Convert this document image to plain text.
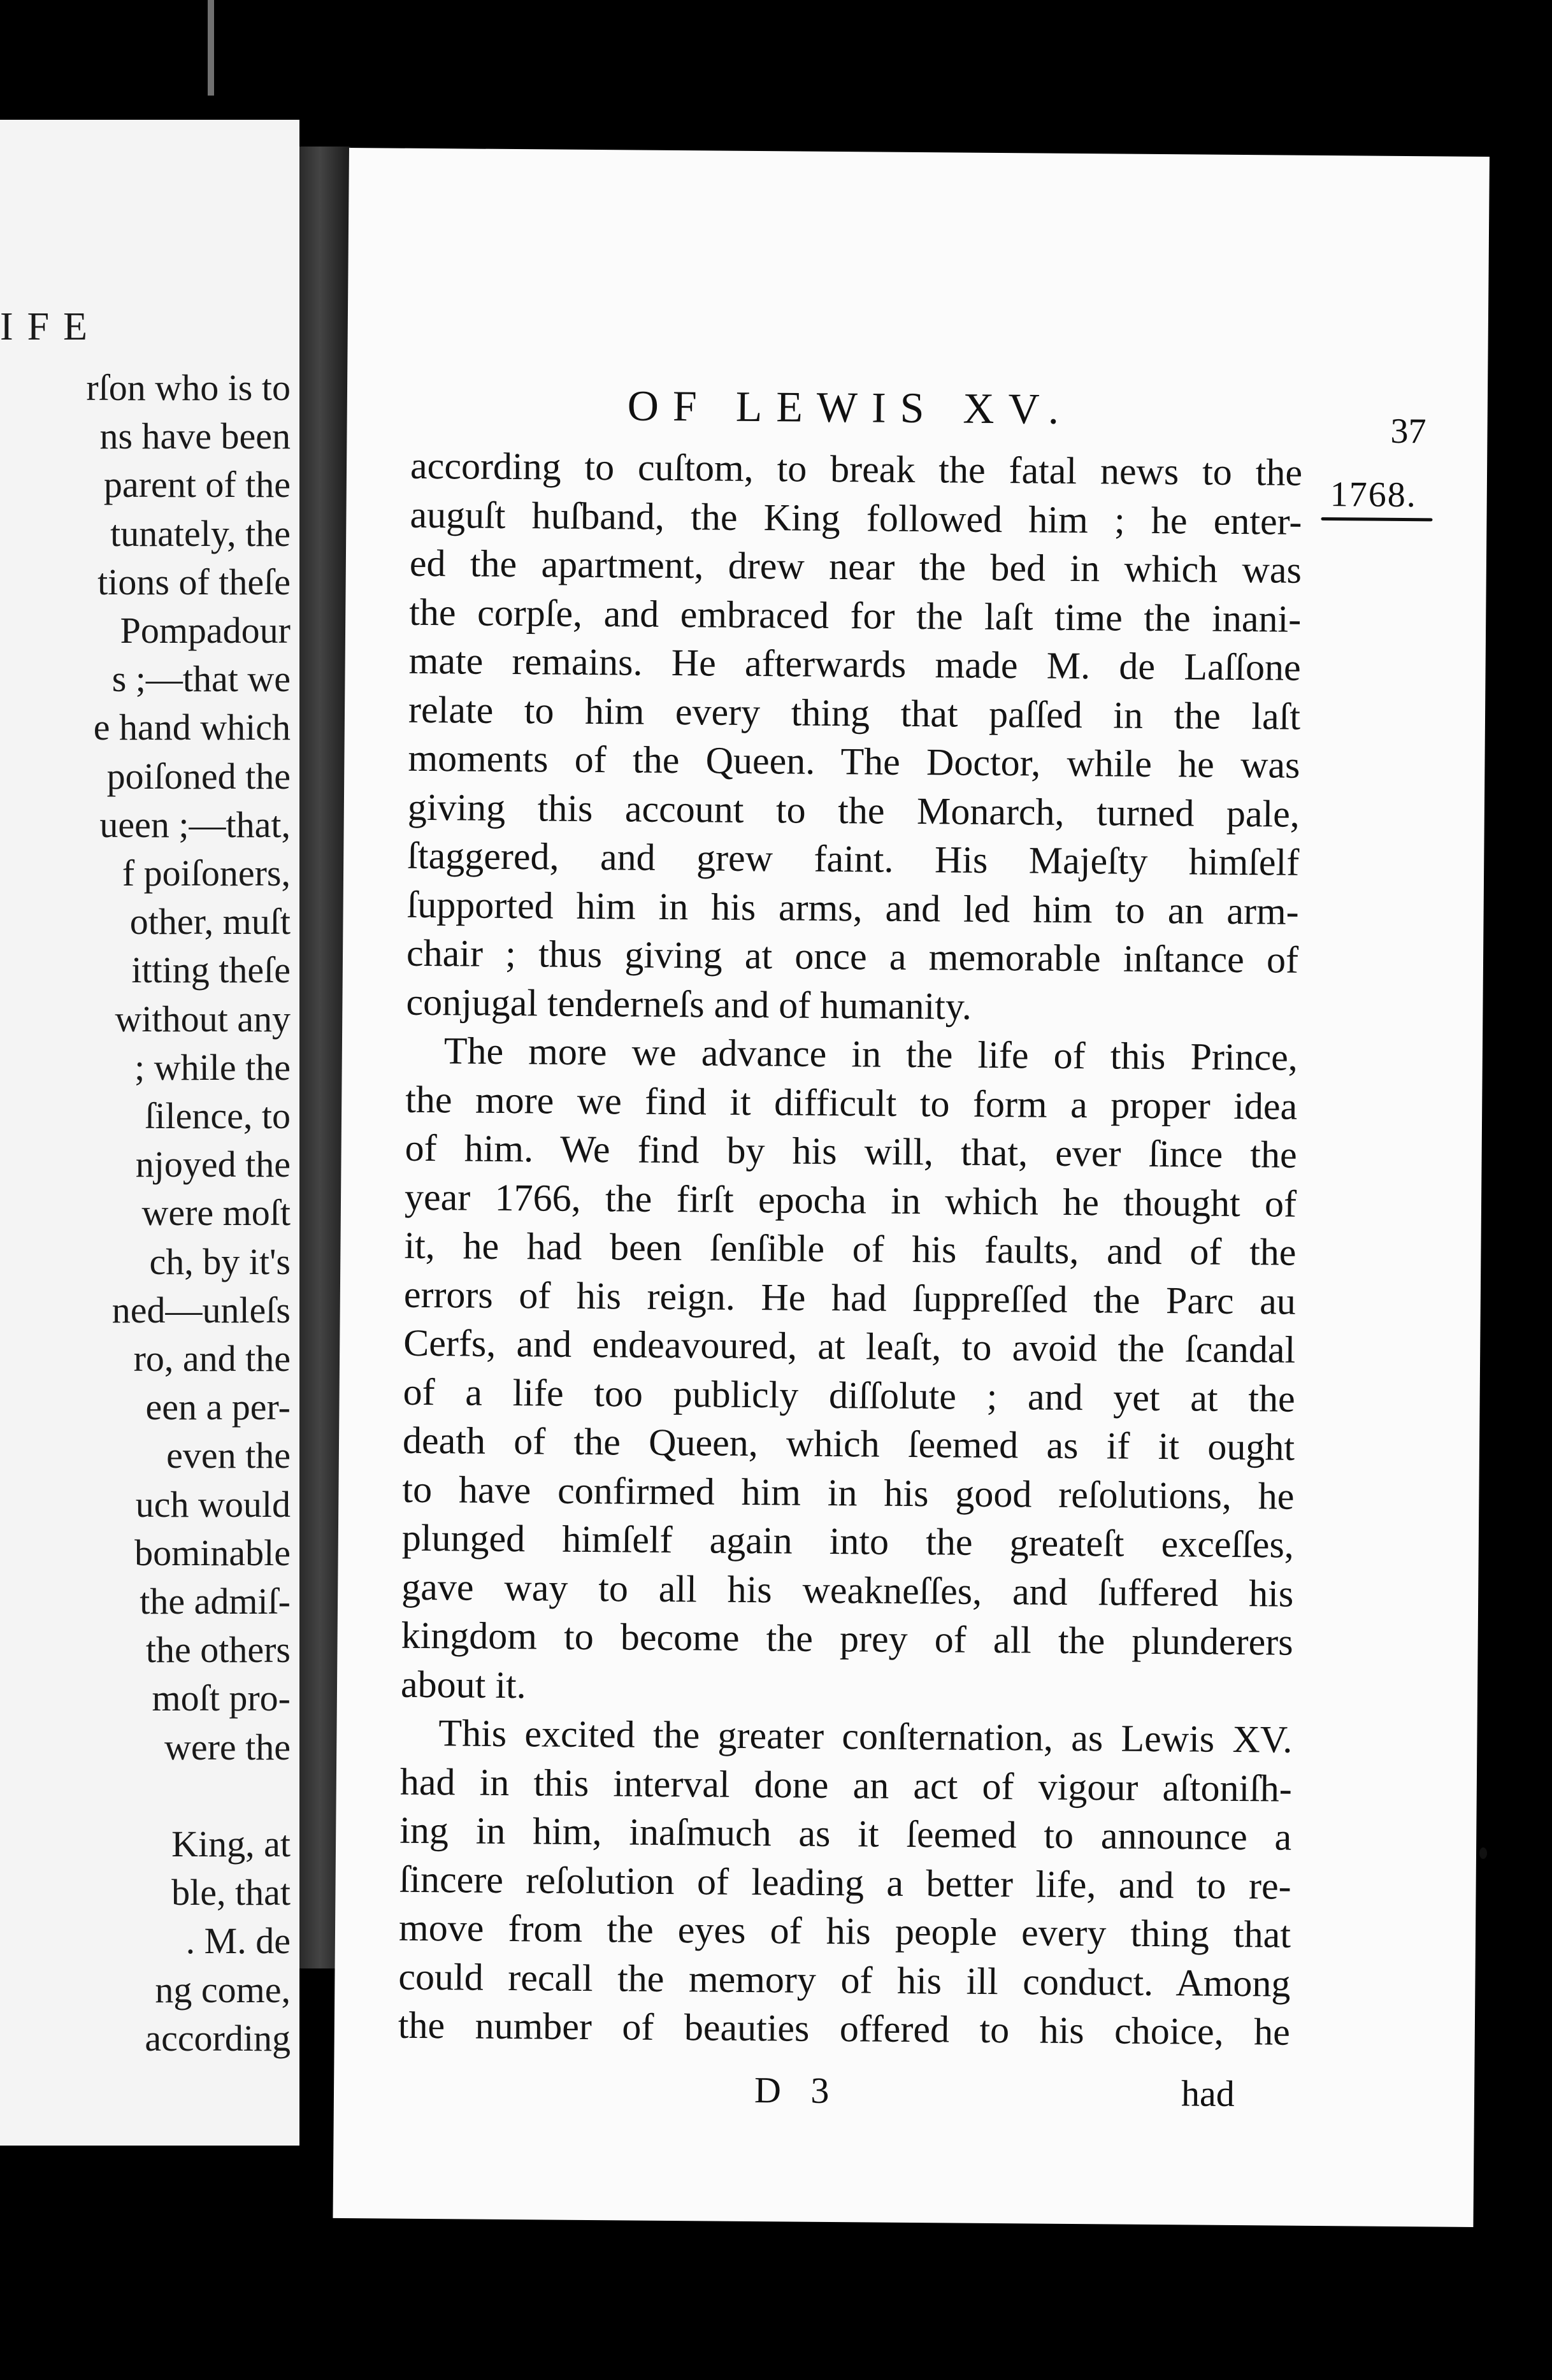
IFE
rſon who is to
ns have been
parent of the
tunately, the
tions of theſe
Pompadour
s ;—that we
e hand which
poiſoned the
ueen ;—that,
f poiſoners,
other, muſt
itting theſe
without any
; while the
ſilence, to
njoyed the
were moſt
ch, by it's
ned—unleſs
ro, and the
een a per-
even the
uch would
bominable
the admiſ-
the others
moſt pro-
were the
King, at
ble, that
. M. de
ng come,
according
OF LEWIS XV.	37
1768.
according to cuſtom, to break the fatal news to the
auguſt huſband, the King followed him ; he enter-
ed the apartment, drew near the bed in which was
the corpſe, and embraced for the laſt time the inani-
mate remains. He afterwards made M. de Laſſone
relate to him every thing that paſſed in the laſt
moments of the Queen. The Doctor, while he was
giving this account to the Monarch, turned pale,
ſtaggered, and grew faint. His Majeſty himſelf
ſupported him in his arms, and led him to an arm-
chair ; thus giving at once a memorable inſtance of
conjugal tenderneſs and of humanity.
The more we advance in the life of this Prince,
the more we find it difficult to form a proper idea
of him. We find by his will, that, ever ſince the
year 1766, the firſt epocha in which he thought of
it, he had been ſenſible of his faults, and of the
errors of his reign. He had ſuppreſſed the Parc au
Cerfs, and endeavoured, at leaſt, to avoid the ſcandal
of a life too publicly diſſolute ; and yet at the
death of the Queen, which ſeemed as if it ought
to have confirmed him in his good reſolutions, he
plunged himſelf again into the greateſt exceſſes,
gave way to all his weakneſſes, and ſuffered his
kingdom to become the prey of all the plunderers
about it.
This excited the greater conſternation, as Lewis XV.
had in this interval done an act of vigour aſtoniſh-
ing in him, inaſmuch as it ſeemed to announce a
ſincere reſolution of leading a better life, and to re-
move from the eyes of his people every thing that
could recall the memory of his ill conduct. Among
the number of beauties offered to his choice, he
D 3	had
